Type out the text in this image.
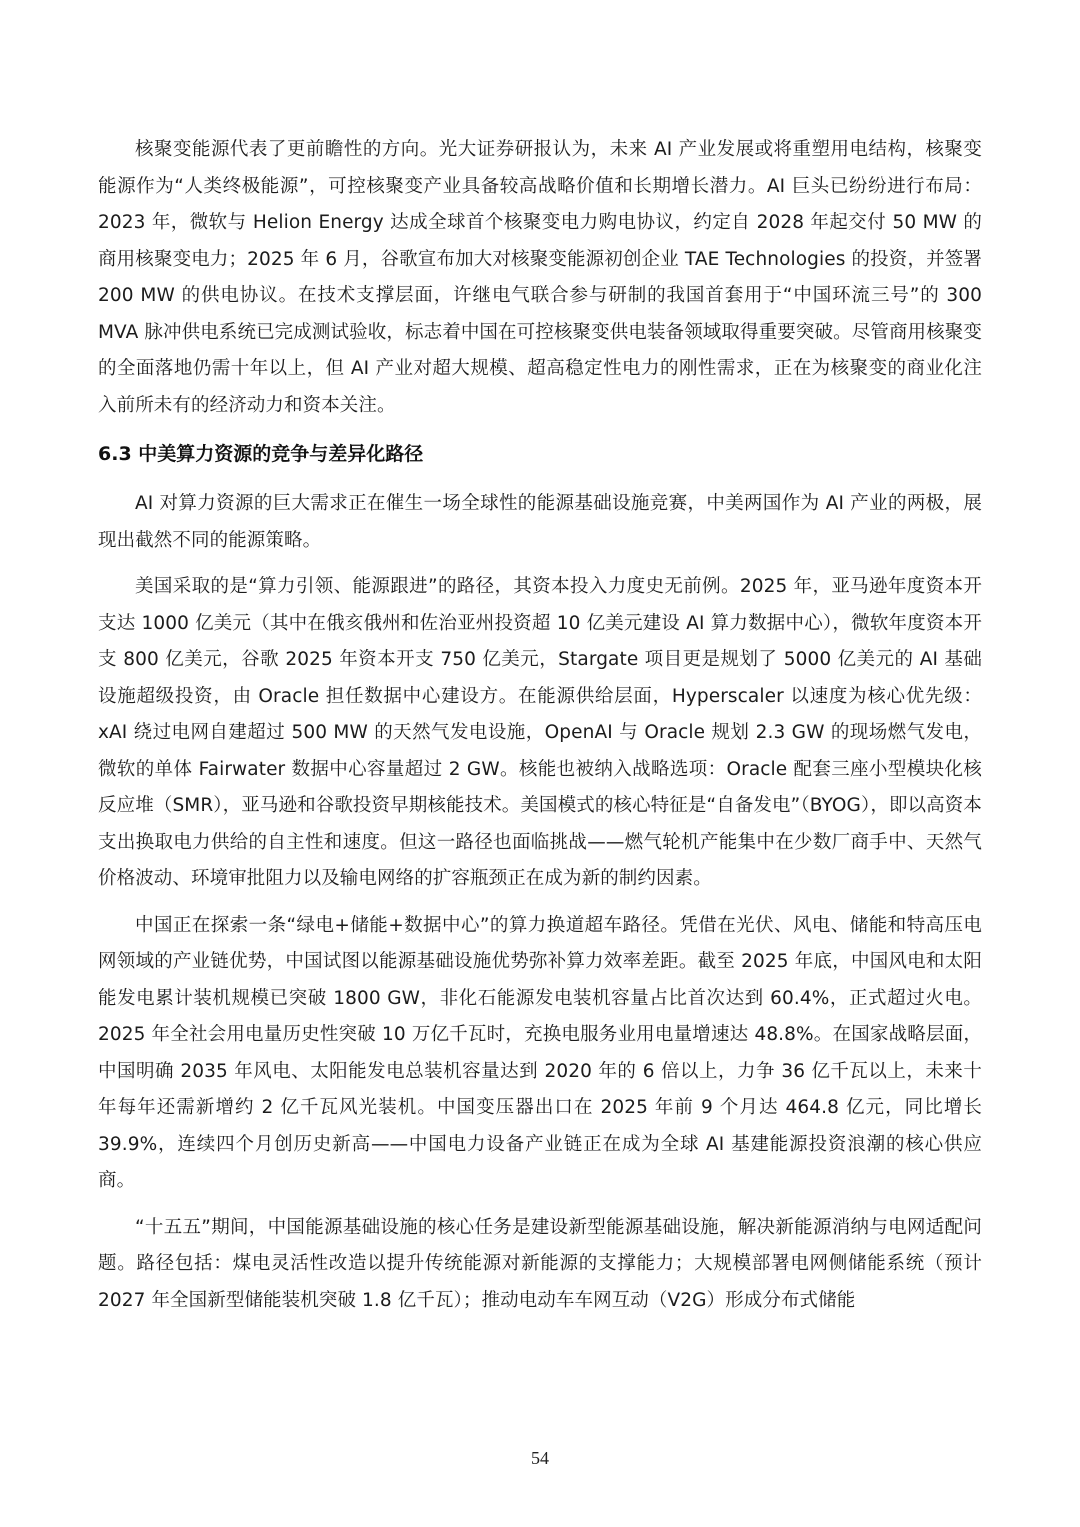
核聚变能源代表了更前瞻性的方向。光大证券研报认为，未来 AI 产业发展或将重塑用电结构，核聚变能源作为“人类终极能源”，可控核聚变产业具备较高战略价值和长期增长潜力。AI 巨头已纷纷进行布局：2023 年，微软与 Helion Energy 达成全球首个核聚变电力购电协议，约定自 2028 年起交付 50 MW 的商用核聚变电力；2025 年 6 月，谷歌宣布加大对核聚变能源初创企业 TAE Technologies 的投资，并签署 200 MW 的供电协议。在技术支撑层面，许继电气联合参与研制的我国首套用于“中国环流三号”的 300 MVA 脉冲供电系统已完成测试验收，标志着中国在可控核聚变供电装备领域取得重要突破。尽管商用核聚变的全面落地仍需十年以上，但 AI 产业对超大规模、超高稳定性电力的刚性需求，正在为核聚变的商业化注入前所未有的经济动力和资本关注。

6.3 中美算力资源的竞争与差异化路径

AI 对算力资源的巨大需求正在催生一场全球性的能源基础设施竞赛，中美两国作为 AI 产业的两极，展现出截然不同的能源策略。

美国采取的是“算力引领、能源跟进”的路径，其资本投入力度史无前例。2025 年，亚马逊年度资本开支达 1000 亿美元（其中在俄亥俄州和佐治亚州投资超 10 亿美元建设 AI 算力数据中心），微软年度资本开支 800 亿美元，谷歌 2025 年资本开支 750 亿美元，Stargate 项目更是规划了 5000 亿美元的 AI 基础设施超级投资，由 Oracle 担任数据中心建设方。在能源供给层面，Hyperscaler 以速度为核心优先级：xAI 绕过电网自建超过 500 MW 的天然气发电设施，OpenAI 与 Oracle 规划 2.3 GW 的现场燃气发电，微软的单体 Fairwater 数据中心容量超过 2 GW。核能也被纳入战略选项：Oracle 配套三座小型模块化核反应堆（SMR），亚马逊和谷歌投资早期核能技术。美国模式的核心特征是“自备发电”（BYOG），即以高资本支出换取电力供给的自主性和速度。但这一路径也面临挑战——燃气轮机产能集中在少数厂商手中、天然气价格波动、环境审批阻力以及输电网络的扩容瓶颈正在成为新的制约因素。

中国正在探索一条“绿电+储能+数据中心”的算力换道超车路径。凭借在光伏、风电、储能和特高压电网领域的产业链优势，中国试图以能源基础设施优势弥补算力效率差距。截至 2025 年底，中国风电和太阳能发电累计装机规模已突破 1800 GW，非化石能源发电装机容量占比首次达到 60.4%，正式超过火电。2025 年全社会用电量历史性突破 10 万亿千瓦时，充换电服务业用电量增速达 48.8%。在国家战略层面，中国明确 2035 年风电、太阳能发电总装机容量达到 2020 年的 6 倍以上，力争 36 亿千瓦以上，未来十年每年还需新增约 2 亿千瓦风光装机。中国变压器出口在 2025 年前 9 个月达 464.8 亿元，同比增长 39.9%，连续四个月创历史新高——中国电力设备产业链正在成为全球 AI 基建能源投资浪潮的核心供应商。

“十五五”期间，中国能源基础设施的核心任务是建设新型能源基础设施，解决新能源消纳与电网适配问题。路径包括：煤电灵活性改造以提升传统能源对新能源的支撑能力；大规模部署电网侧储能系统（预计 2027 年全国新型储能装机突破 1.8 亿千瓦）；推动电动车车网互动（V2G）形成分布式储能

54
